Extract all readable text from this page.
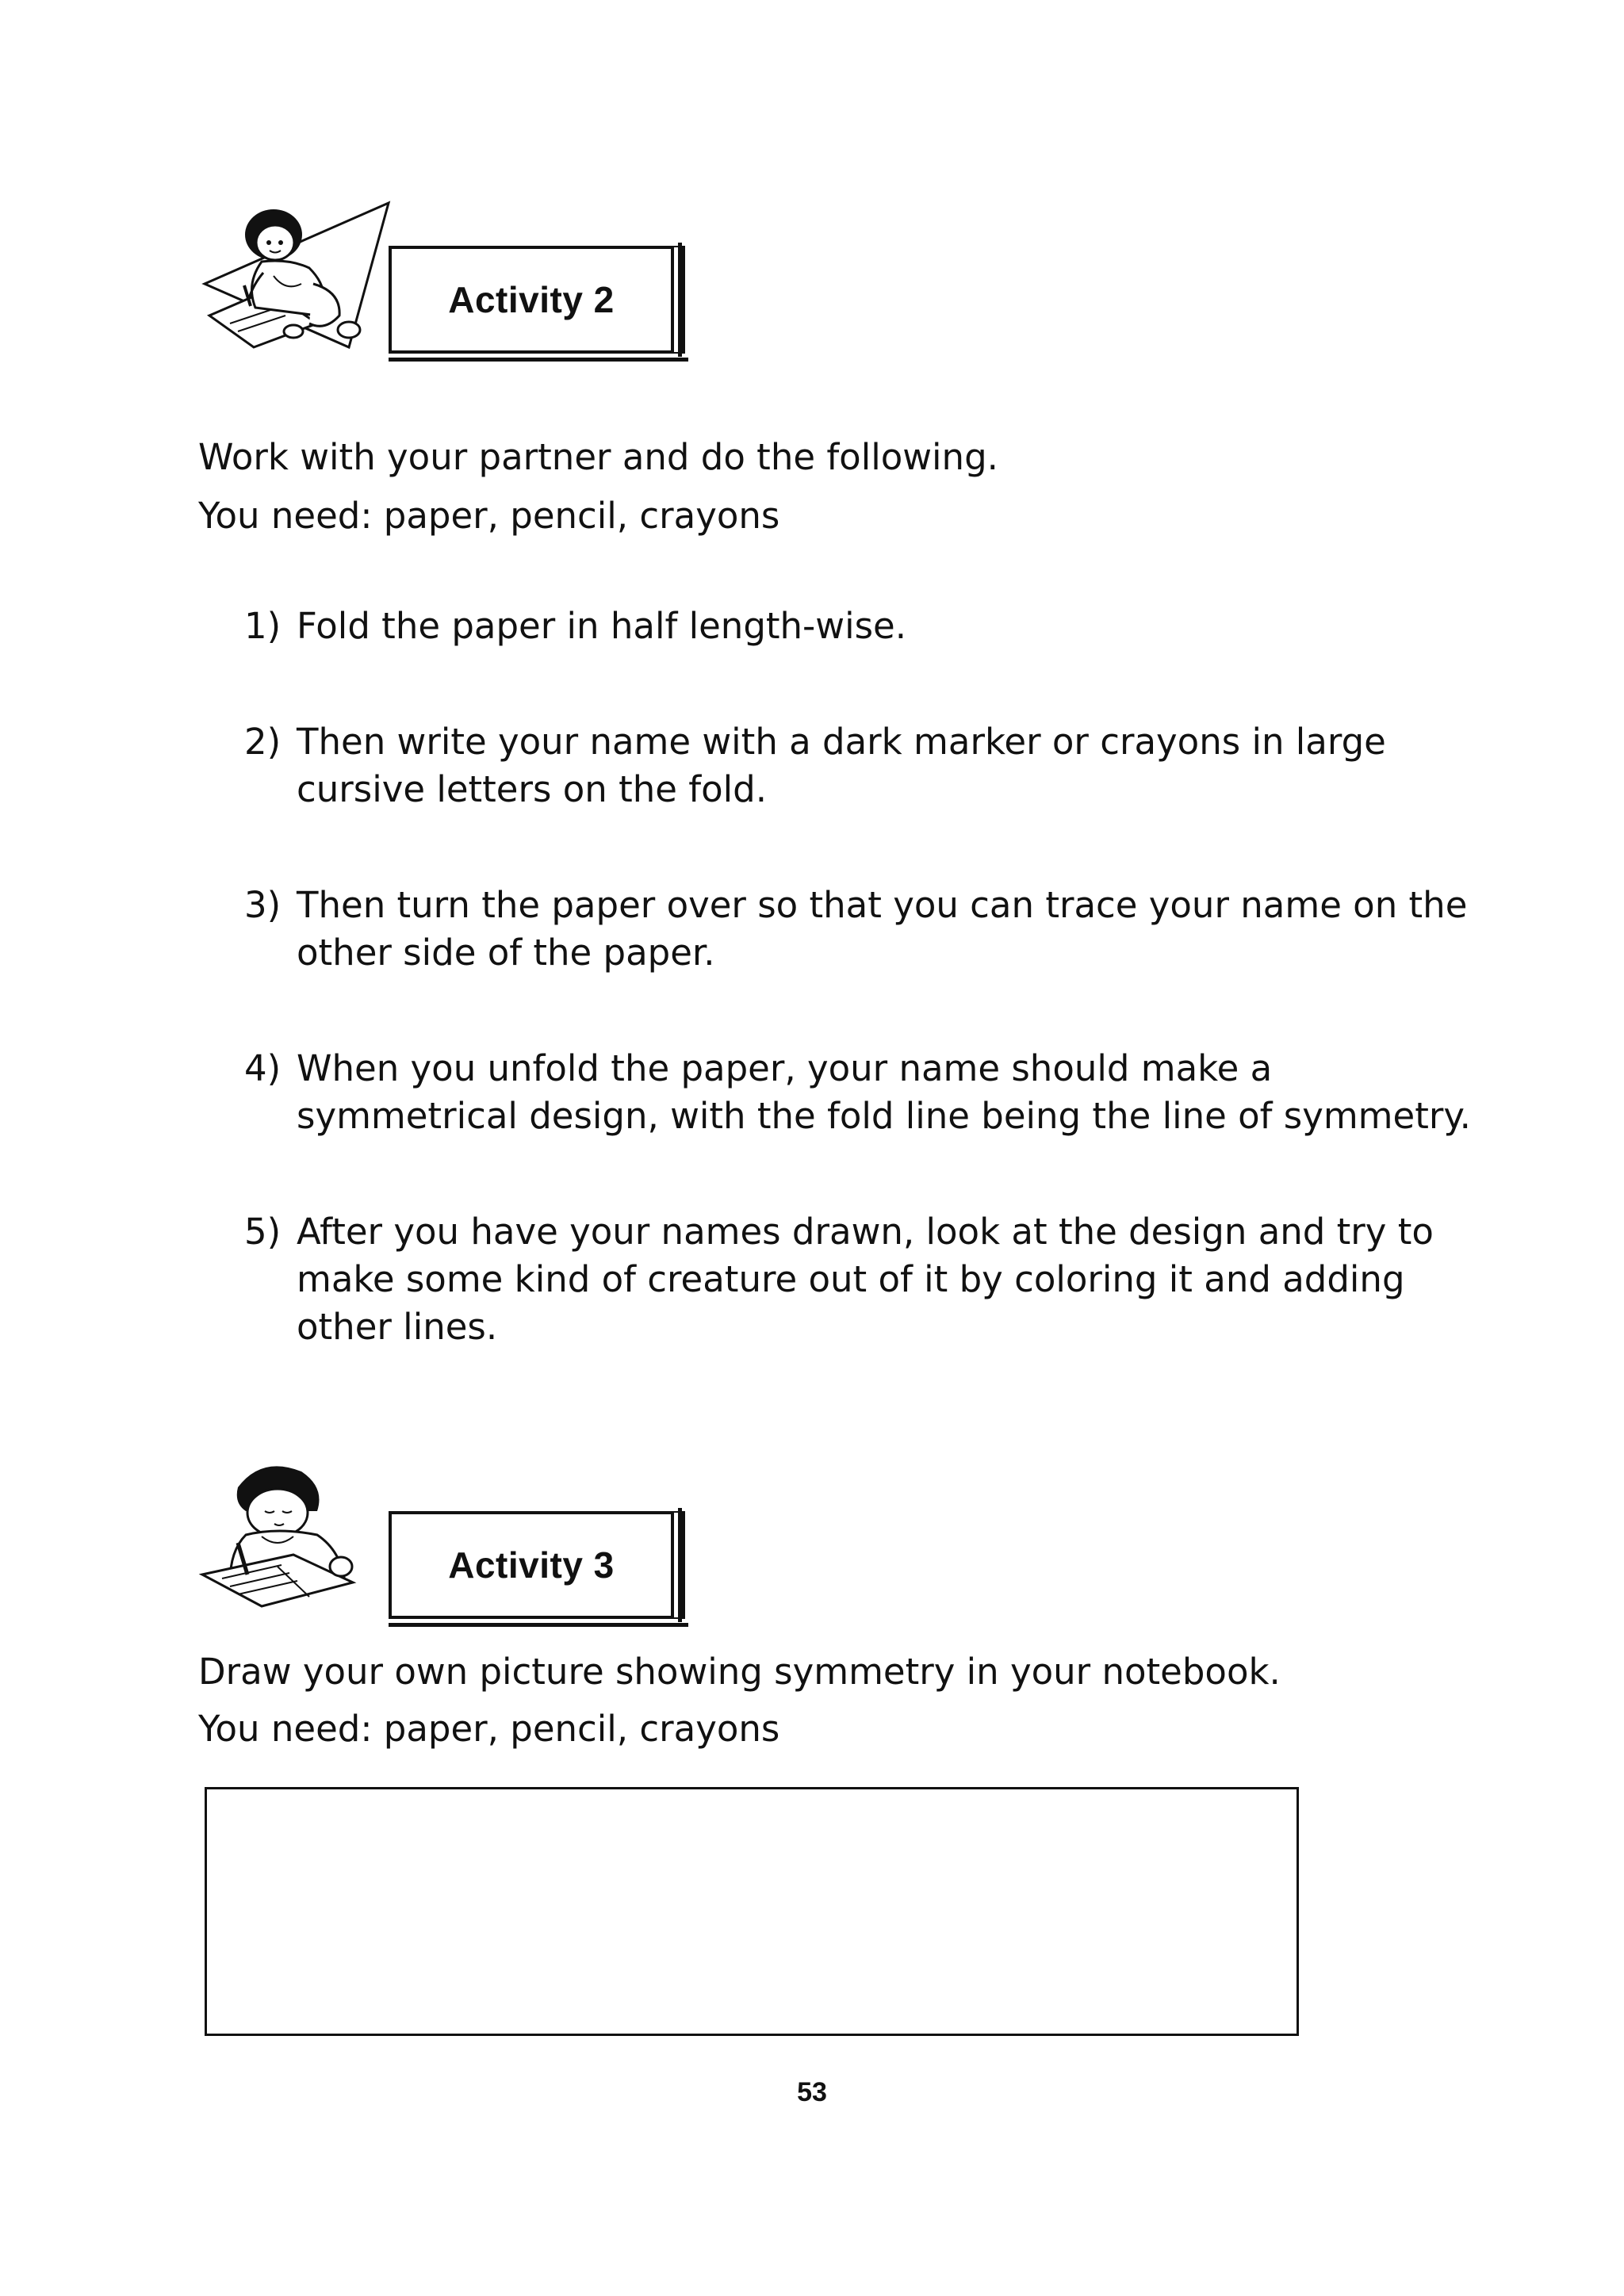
Activity 2

Work with your partner and do the following.

You need: paper, pencil, crayons

1) Fold the paper in half length-wise.
2) Then write your name with a dark marker or crayons in large cursive letters on the fold.
3) Then turn the paper over so that you can trace your name on the other side of the paper.
4) When you unfold the paper, your name should make a symmetrical design, with the fold line being the line of symmetry.
5) After you have your names drawn, look at the design and try to make some kind of creature out of it by coloring it and adding other lines.
Activity 3

Draw your own picture showing symmetry in your notebook.

You need: paper, pencil, crayons

53
